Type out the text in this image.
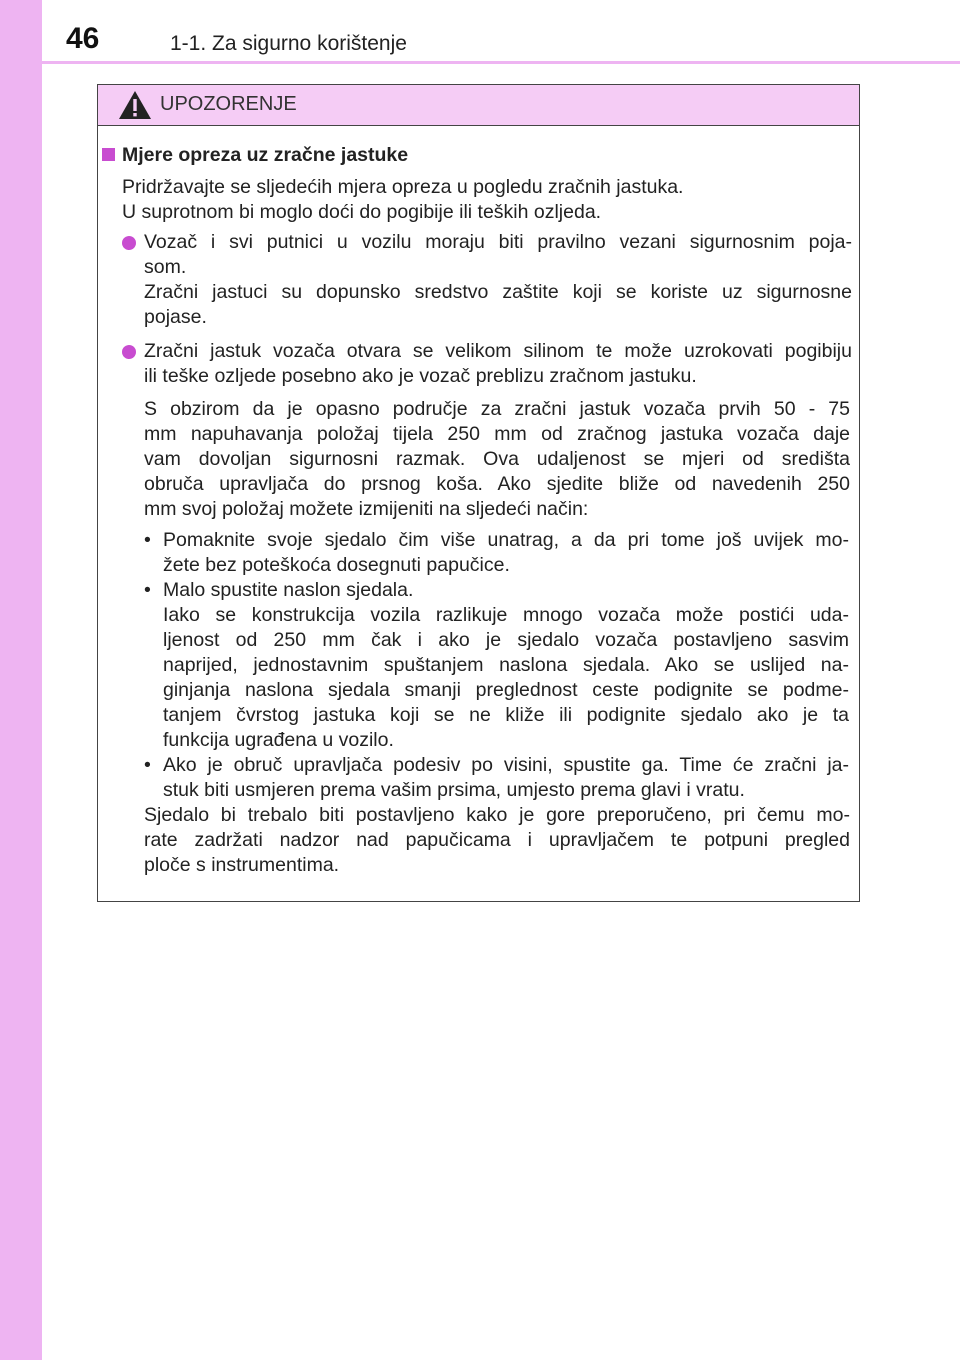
46	1-1. Za sigurno korištenje
UPOZORENJE
Mjere opreza uz zračne jastuke
Pridržavajte se sljedećih mjera opreza u pogledu zračnih jastuka.
U suprotnom bi moglo doći do pogibije ili teških ozljeda.
Vozač i svi putnici u vozilu moraju biti pravilno vezani sigurnosnim poja-
som.
Zračni jastuci su dopunsko sredstvo zaštite koji se koriste uz sigurnosne
pojase.
Zračni jastuk vozača otvara se velikom silinom te može uzrokovati pogibiju
ili teške ozljede posebno ako je vozač preblizu zračnom jastuku.
S obzirom da je opasno područje za zračni jastuk vozača prvih 50 - 75
mm napuhavanja položaj tijela 250 mm od zračnog jastuka vozača daje
vam dovoljan sigurnosni razmak. Ova udaljenost se mjeri od središta
obruča upravljača do prsnog koša. Ako sjedite bliže od navedenih 250
mm svoj položaj možete izmijeniti na sljedeći način:
• Pomaknite svoje sjedalo čim više unatrag, a da pri tome još uvijek mo-
žete bez poteškoća dosegnuti papučice.
• Malo spustite naslon sjedala.
Iako se konstrukcija vozila razlikuje mnogo vozača može postići uda-
ljenost od 250 mm čak i ako je sjedalo vozača postavljeno sasvim
naprijed, jednostavnim spuštanjem naslona sjedala. Ako se uslijed na-
ginjanja naslona sjedala smanji preglednost ceste podignite se podme-
tanjem čvrstog jastuka koji se ne kliže ili podignite sjedalo ako je ta
funkcija ugrađena u vozilo.
• Ako je obruč upravljača podesiv po visini, spustite ga. Time će zračni ja-
stuk biti usmjeren prema vašim prsima, umjesto prema glavi i vratu.
Sjedalo bi trebalo biti postavljeno kako je gore preporučeno, pri čemu mo-
rate zadržati nadzor nad papučicama i upravljačem te potpuni pregled
ploče s instrumentima.
